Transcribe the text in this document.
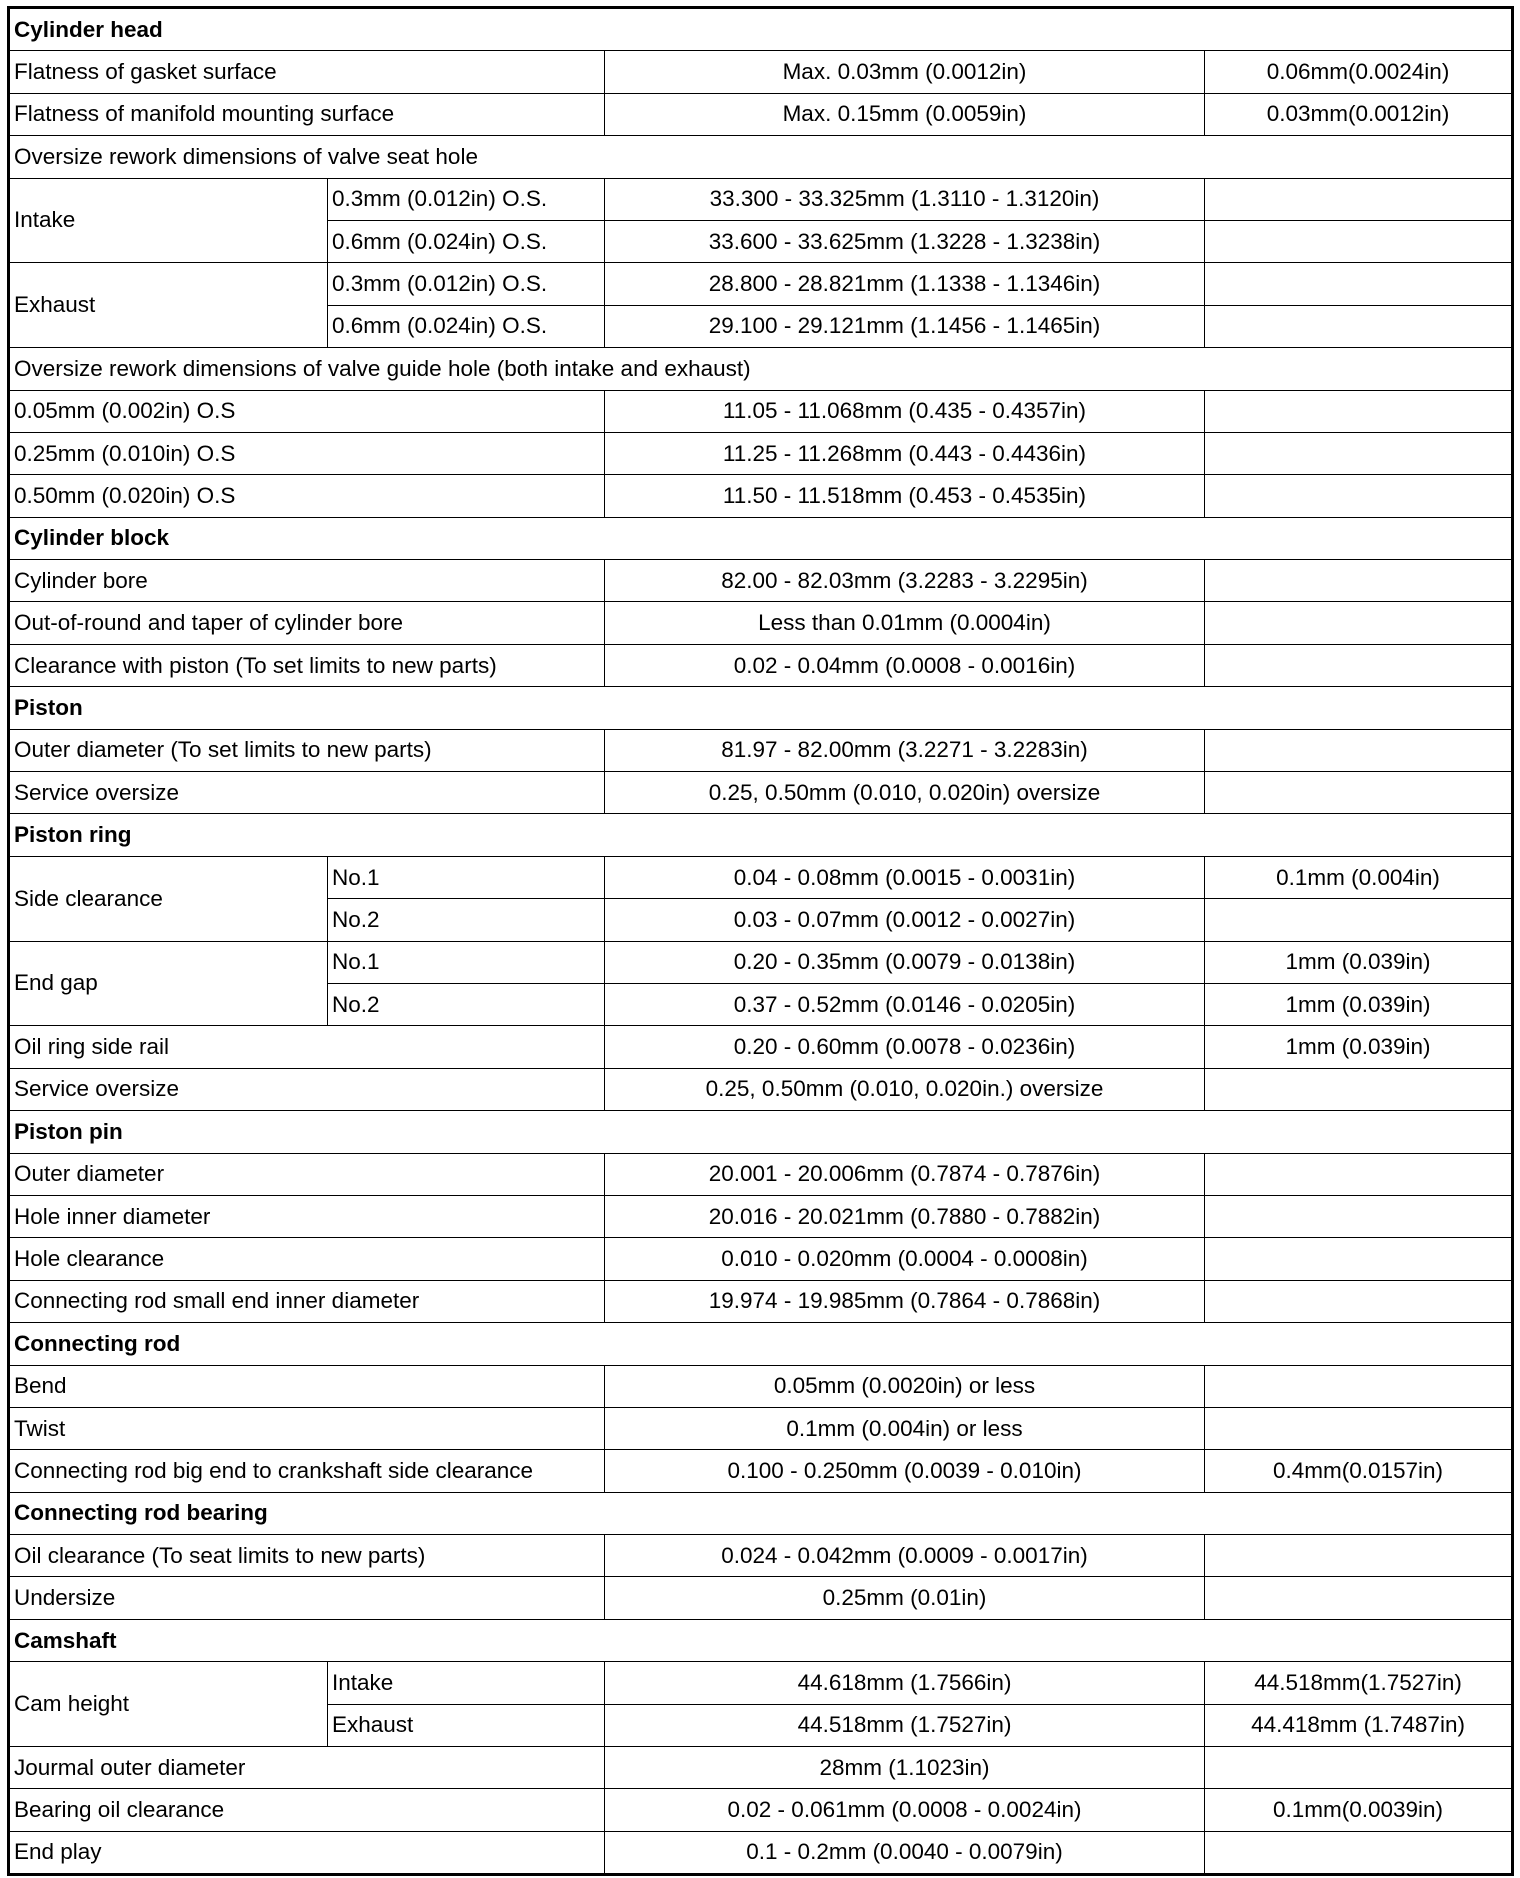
Cylinder head			
Flatness of gasket surface		Max. 0.03mm (0.0012in)	0.06mm(0.0024in)
Flatness of manifold mounting surface		Max. 0.15mm (0.0059in)	0.03mm(0.0012in)
Oversize rework dimensions of valve seat hole			
Intake	0.3mm (0.012in) O.S.	33.300 - 33.325mm (1.3110 - 1.3120in)	
	0.6mm (0.024in) O.S.	33.600 - 33.625mm (1.3228 - 1.3238in)	
Exhaust	0.3mm (0.012in) O.S.	28.800 - 28.821mm (1.1338 - 1.1346in)	
	0.6mm (0.024in) O.S.	29.100 - 29.121mm (1.1456 - 1.1465in)	
Oversize rework dimensions of valve guide hole (both intake and exhaust)			
0.05mm (0.002in) O.S		11.05 - 11.068mm (0.435 - 0.4357in)	
0.25mm (0.010in) O.S		11.25 - 11.268mm (0.443 - 0.4436in)	
0.50mm (0.020in) O.S		11.50 - 11.518mm (0.453 - 0.4535in)	
Cylinder block			
Cylinder bore		82.00 - 82.03mm (3.2283 - 3.2295in)	
Out-of-round and taper of cylinder bore		Less than 0.01mm (0.0004in)	
Clearance with piston (To set limits to new parts)		0.02 - 0.04mm (0.0008 - 0.0016in)	
Piston			
Outer diameter (To set limits to new parts)		81.97 - 82.00mm (3.2271 - 3.2283in)	
Service oversize		0.25, 0.50mm (0.010, 0.020in) oversize	
Piston ring			
Side clearance	No.1	0.04 - 0.08mm (0.0015 - 0.0031in)	0.1mm (0.004in)
	No.2	0.03 - 0.07mm (0.0012 - 0.0027in)	
End gap	No.1	0.20 - 0.35mm (0.0079 - 0.0138in)	1mm (0.039in)
	No.2	0.37 - 0.52mm (0.0146 - 0.0205in)	1mm (0.039in)
Oil ring side rail		0.20 - 0.60mm (0.0078 - 0.0236in)	1mm (0.039in)
Service oversize		0.25, 0.50mm (0.010, 0.020in.) oversize	
Piston pin			
Outer diameter		20.001 - 20.006mm (0.7874 - 0.7876in)	
Hole inner diameter		20.016 - 20.021mm (0.7880 - 0.7882in)	
Hole clearance		0.010 - 0.020mm (0.0004 - 0.0008in)	
Connecting rod small end inner diameter		19.974 - 19.985mm (0.7864 - 0.7868in)	
Connecting rod			
Bend		0.05mm (0.0020in) or less	
Twist		0.1mm (0.004in) or less	
Connecting rod big end to crankshaft side clearance		0.100 - 0.250mm (0.0039 - 0.010in)	0.4mm(0.0157in)
Connecting rod bearing			
Oil clearance (To seat limits to new parts)		0.024 - 0.042mm (0.0009 - 0.0017in)	
Undersize		0.25mm (0.01in)	
Camshaft			
Cam height	Intake	44.618mm (1.7566in)	44.518mm(1.7527in)
	Exhaust	44.518mm (1.7527in)	44.418mm (1.7487in)
Jourmal outer diameter		28mm (1.1023in)	
Bearing oil clearance		0.02 - 0.061mm (0.0008 - 0.0024in)	0.1mm(0.0039in)
End play		0.1 - 0.2mm (0.0040 - 0.0079in)	
